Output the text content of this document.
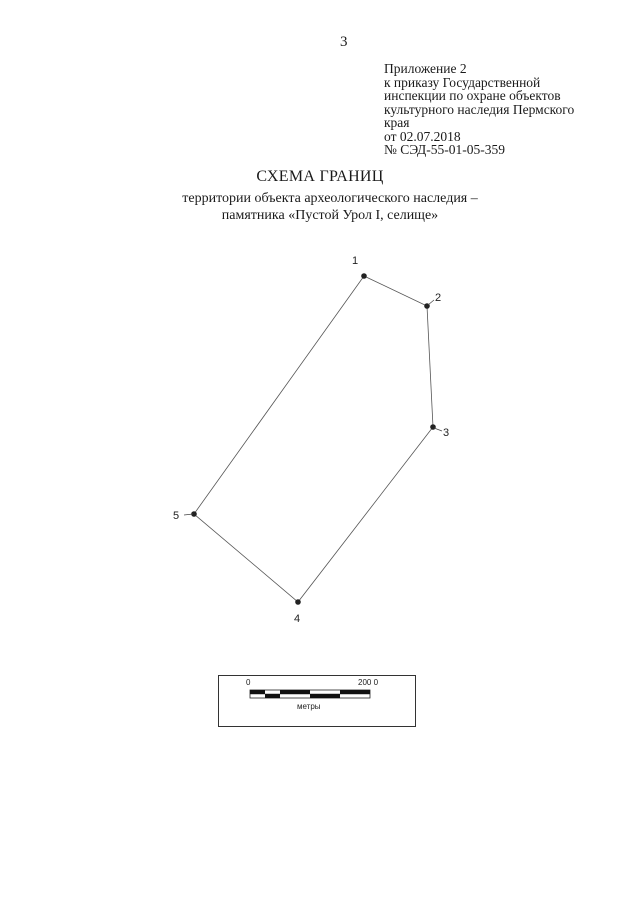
3
Приложение 2
к приказу Государственной
инспекции по охране объектов
культурного наследия Пермского
края
от 02.07.2018
№ СЭД-55-01-05-359
СХЕМА ГРАНИЦ
территории объекта археологического наследия –
памятника «Пустой Урол I, селище»
1
2
3
4
5
0	200 0
метры
